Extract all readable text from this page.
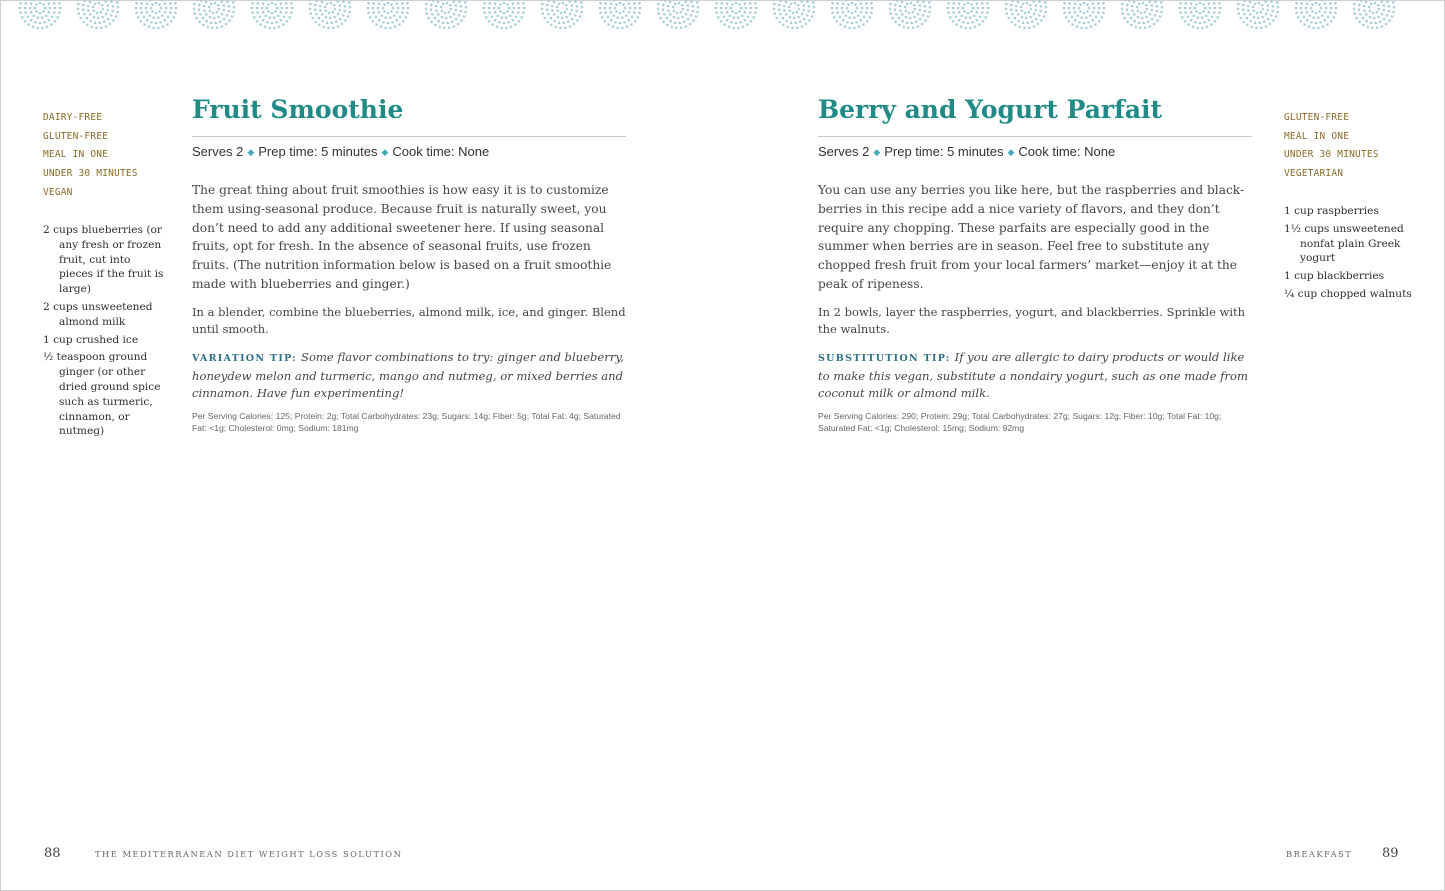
DAIRY-FREE
GLUTEN-FREE
MEAL IN ONE
UNDER 30 MINUTES
VEGAN
2 cups blueberries (or any fresh or frozen fruit, cut into pieces if the fruit is large)
2 cups unsweetened almond milk
1 cup crushed ice
½ teaspoon ground ginger (or other dried ground spice such as turmeric, cinnamon, or nutmeg)
Fruit Smoothie
Serves 2 ◆ Prep time: 5 minutes ◆ Cook time: None

The great thing about fruit smoothies is how easy it is to customize them using-seasonal produce. Because fruit is naturally sweet, you don’t need to add any additional sweetener here. If using seasonal fruits, opt for fresh. In the absence of seasonal fruits, use frozen fruits. (The nutrition information below is based on a fruit smoothie made with blueberries and ginger.)

In a blender, combine the blueberries, almond milk, ice, and ginger. Blend until smooth.

VARIATION TIP: Some flavor combinations to try: ginger and blueberry, honeydew melon and turmeric, mango and nutmeg, or mixed berries and cinnamon. Have fun experimenting!

Per Serving Calories: 125; Protein: 2g; Total Carbohydrates: 23g; Sugars: 14g; Fiber: 5g; Total Fat: 4g; Saturated Fat: <1g; Cholesterol: 0mg; Sodium: 181mg

88	THE MEDITERRANEAN DIET WEIGHT LOSS SOLUTION
Berry and Yogurt Parfait
Serves 2 ◆ Prep time: 5 minutes ◆ Cook time: None

You can use any berries you like here, but the raspberries and black-berries in this recipe add a nice variety of flavors, and they don’t require any chopping. These parfaits are especially good in the summer when berries are in season. Feel free to substitute any chopped fresh fruit from your local farmers’ market—enjoy it at the peak of ripeness.

In 2 bowls, layer the raspberries, yogurt, and blackberries. Sprinkle with the walnuts.

SUBSTITUTION TIP: If you are allergic to dairy products or would like to make this vegan, substitute a nondairy yogurt, such as one made from coconut milk or almond milk.

Per Serving Calories: 290; Protein: 29g; Total Carbohydrates: 27g; Sugars: 12g; Fiber: 10g; Total Fat: 10g; Saturated Fat: <1g; Cholesterol: 15mg; Sodium: 92mg

GLUTEN-FREE
MEAL IN ONE
UNDER 30 MINUTES
VEGETARIAN
1 cup raspberries
1½ cups unsweetened nonfat plain Greek yogurt
1 cup blackberries
¼ cup chopped walnuts
BREAKFAST 89
